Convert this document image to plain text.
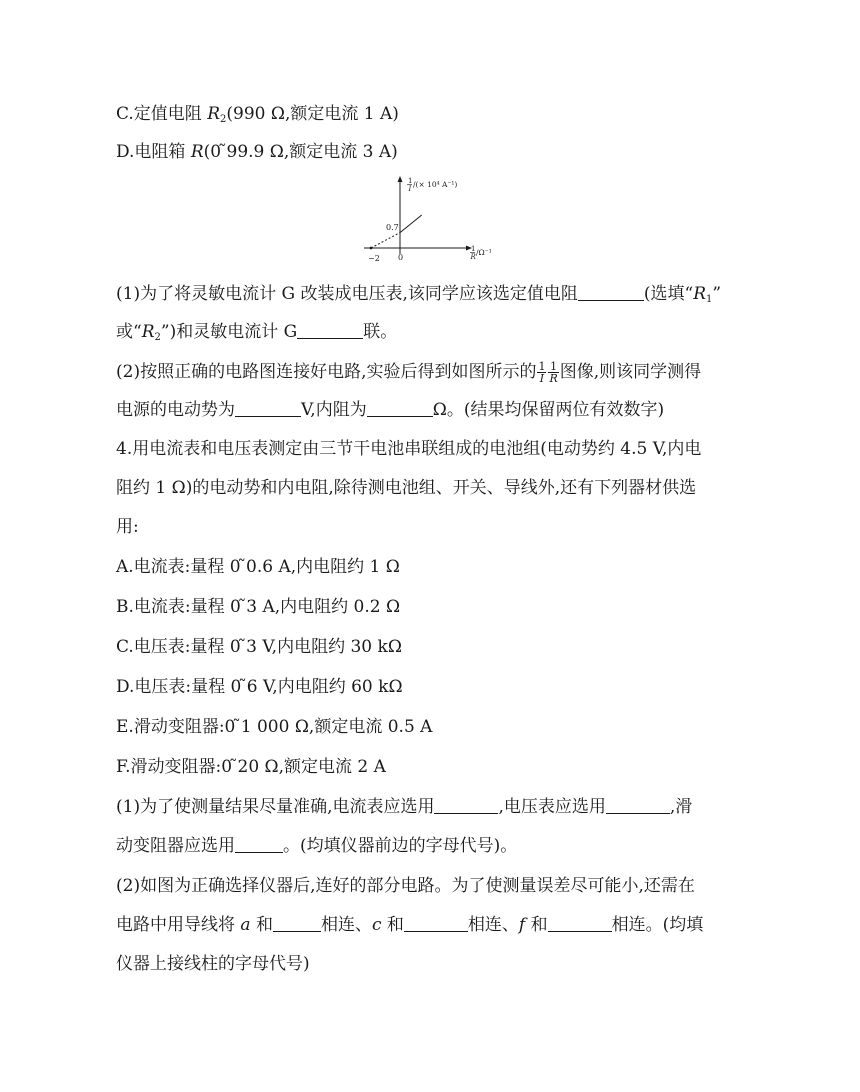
C.定值电阻 $R_2(990$ Ω,额定电流 1 A)
D.电阻箱 R(0 ̃99.9 Ω,额定电流 3 A)
1
I /(× 10⁴ A⁻¹)
1
R /Ω⁻¹
0.7
0
−2
(1)为了将灵敏电流计 G 改装成电压表,该同学应该选定值电阻	(选填“$R_1$”
或“$R_2$”)和灵敏电流计 G	联。
(2)按照正确的电路图连接好电路,实验后得到如图所示的 $\frac{1}{I} \frac{1}{R}$ 图像,则该同学测得
电源的电动势为	V,内阻为	Ω。(结果均保留两位有效数字)
4.用电流表和电压表测定由三节干电池串联组成的电池组(电动势约 4.5 V,内电
阻约 1 Ω)的电动势和内电阻,除待测电池组、开关、导线外,还有下列器材供选
用:
A.电流表:量程 0 ̃0.6 A,内电阻约 1 Ω
B.电流表:量程 0 ̃3 A,内电阻约 0.2 Ω
C.电压表:量程 0 ̃3 V,内电阻约 30 kΩ
D.电压表:量程 0 ̃6 V,内电阻约 60 kΩ
E.滑动变阻器:0 ̃1 000 Ω,额定电流 0.5 A
F.滑动变阻器:0 ̃20 Ω,额定电流 2 A
(1)为了使测量结果尽量准确,电流表应选用	,电压表应选用	,滑
动变阻器应选用	。(均填仪器前边的字母代号)。
(2)如图为正确选择仪器后,连好的部分电路。为了使测量误差尽可能小,还需在
电路中用导线将 a 和	相连、c 和	相连、f 和	相连。(均填
仪器上接线柱的字母代号)
